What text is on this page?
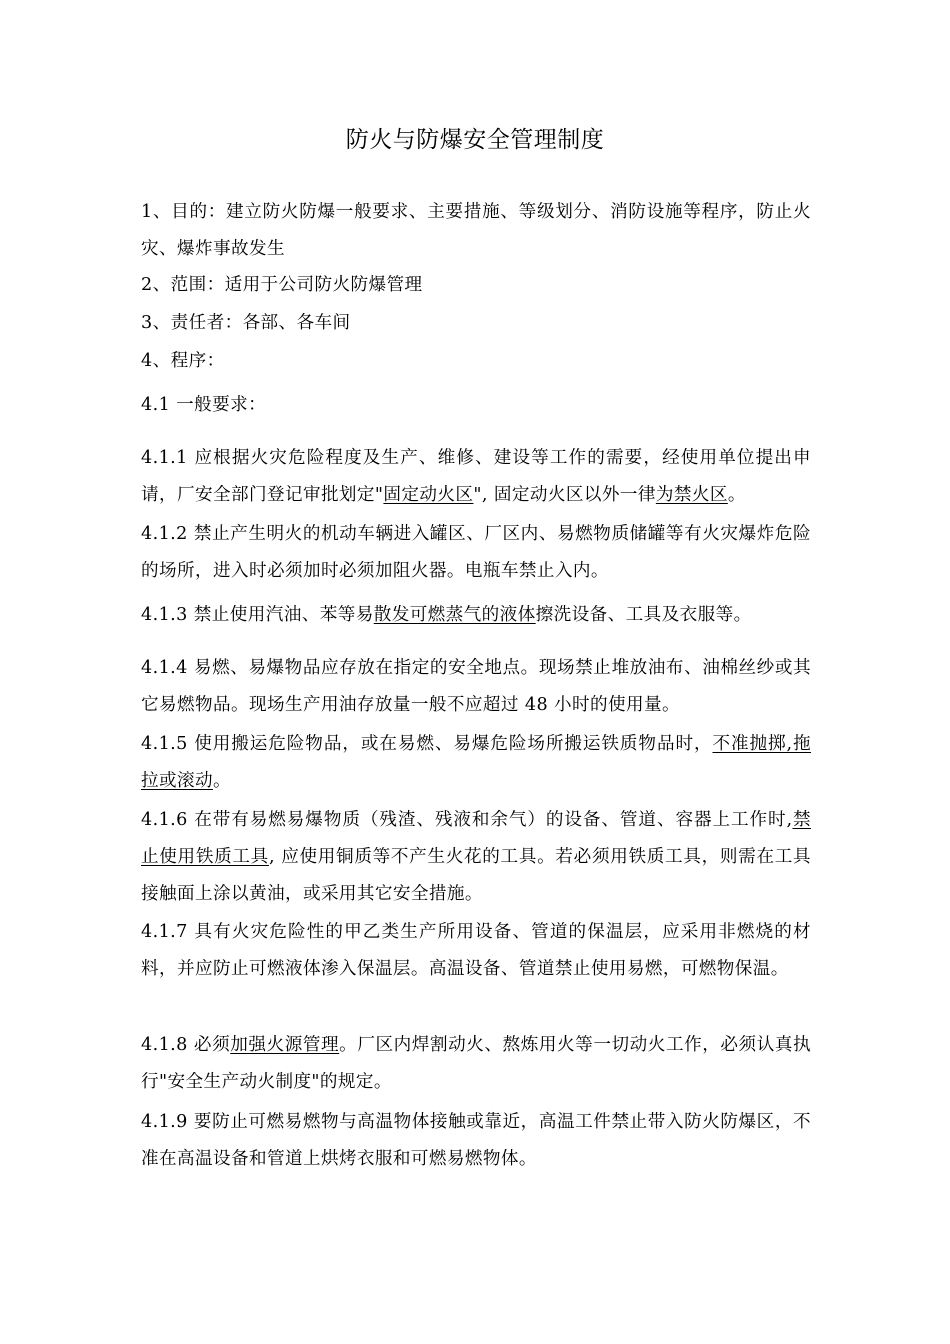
防火与防爆安全管理制度
1、目的：建立防火防爆一般要求、主要措施、等级划分、消防设施等程序，防止火灾、爆炸事故发生
2、范围：适用于公司防火防爆管理
3、责任者：各部、各车间
4、程序：
4.1 一般要求：
4.1.1 应根据火灾危险程度及生产、维修、建设等工作的需要，经使用单位提出申请，厂安全部门登记审批划定"固定动火区", 固定动火区以外一律为禁火区。
4.1.2 禁止产生明火的机动车辆进入罐区、厂区内、易燃物质储罐等有火灾爆炸危险的场所，进入时必须加时必须加阻火器。电瓶车禁止入内。
4.1.3 禁止使用汽油、苯等易散发可燃蒸气的液体擦洗设备、工具及衣服等。
4.1.4 易燃、易爆物品应存放在指定的安全地点。现场禁止堆放油布、油棉丝纱或其它易燃物品。现场生产用油存放量一般不应超过 48 小时的使用量。
4.1.5 使用搬运危险物品，或在易燃、易爆危险场所搬运铁质物品时，不准抛掷,拖拉或滚动。
4.1.6 在带有易燃易爆物质（残渣、残液和余气）的设备、管道、容器上工作时,禁止使用铁质工具, 应使用铜质等不产生火花的工具。若必须用铁质工具，则需在工具接触面上涂以黄油，或采用其它安全措施。
4.1.7 具有火灾危险性的甲乙类生产所用设备、管道的保温层，应采用非燃烧的材料，并应防止可燃液体渗入保温层。高温设备、管道禁止使用易燃，可燃物保温。
4.1.8 必须加强火源管理。厂区内焊割动火、熬炼用火等一切动火工作，必须认真执行"安全生产动火制度"的规定。
4.1.9 要防止可燃易燃物与高温物体接触或靠近，高温工件禁止带入防火防爆区，不准在高温设备和管道上烘烤衣服和可燃易燃物体。
